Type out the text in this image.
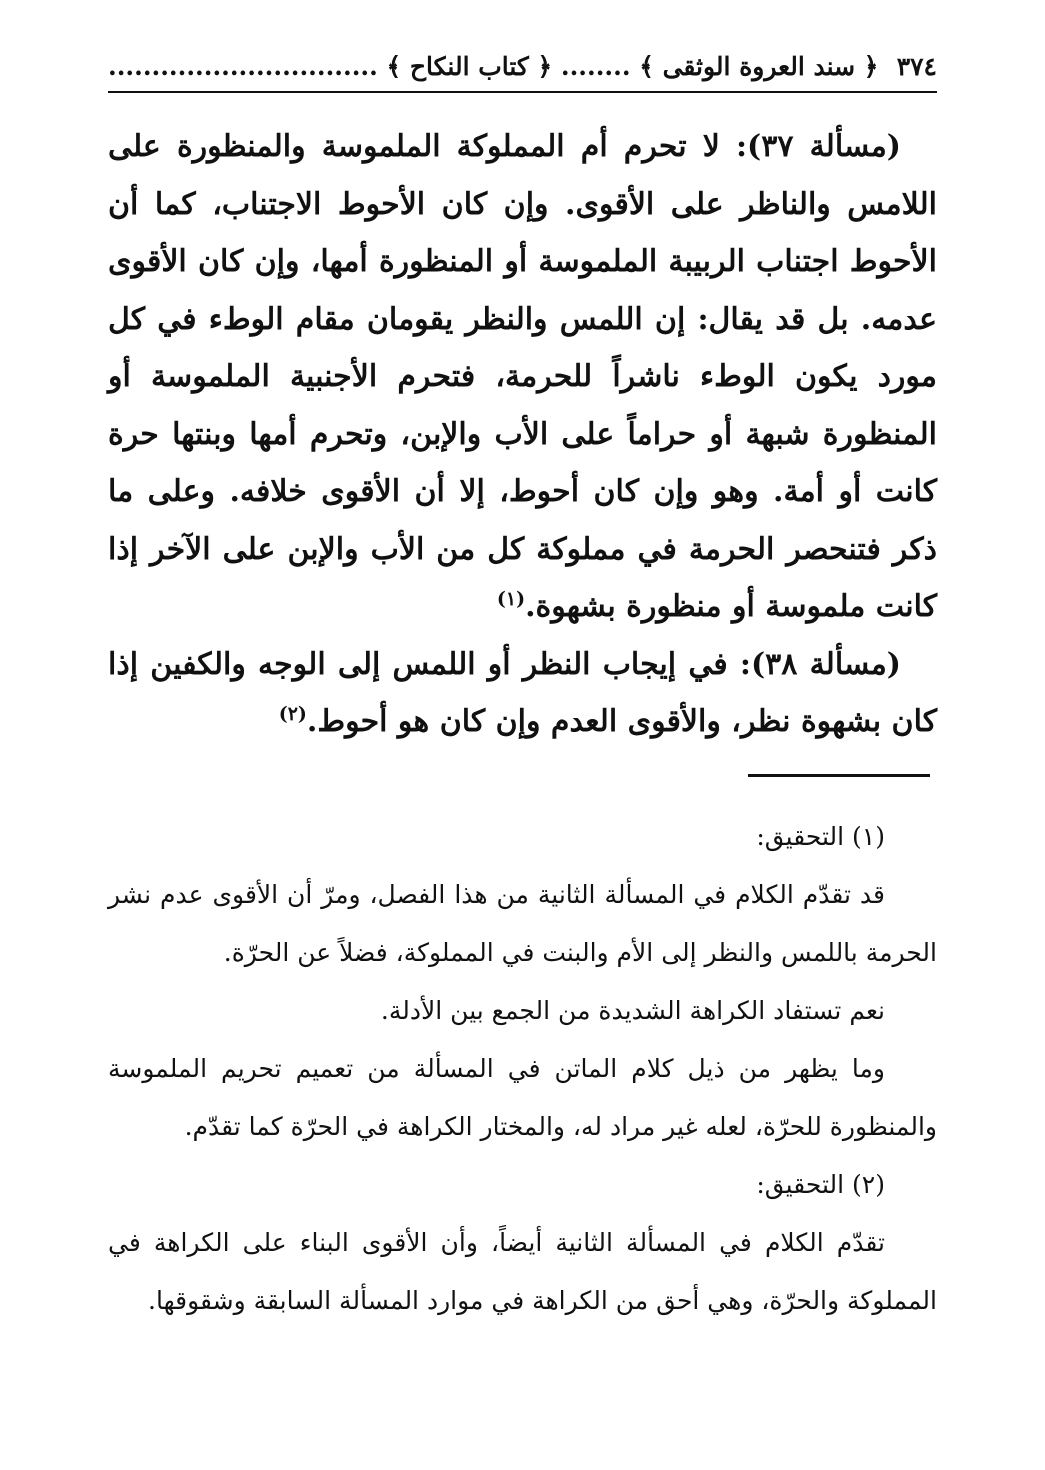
٣٧٤
﴿ سند العروة الوثقى ﴾ ........ ﴿ كتاب النكاح ﴾ ...............................

(مسألة ٣٧): لا تحرم أم المملوكة الملموسة والمنظورة على اللامس والناظر على الأقوى. وإن كان الأحوط الاجتناب، كما أن الأحوط اجتناب الربيبة الملموسة أو المنظورة أمها، وإن كان الأقوى عدمه. بل قد يقال: إن اللمس والنظر يقومان مقام الوطء في كل مورد يكون الوطء ناشراً للحرمة، فتحرم الأجنبية الملموسة أو المنظورة شبهة أو حراماً على الأب والإبن، وتحرم أمها وبنتها حرة كانت أو أمة. وهو وإن كان أحوط، إلا أن الأقوى خلافه. وعلى ما ذكر فتنحصر الحرمة في مملوكة كل من الأب والإبن على الآخر إذا كانت ملموسة أو منظورة بشهوة.$^{(١)}$

(مسألة ٣٨): في إيجاب النظر أو اللمس إلى الوجه والكفين إذا كان بشهوة نظر، والأقوى العدم وإن كان هو أحوط.$^{(٢)}$

(١) التحقيق:

قد تقدّم الكلام في المسألة الثانية من هذا الفصل، ومرّ أن الأقوى عدم نشر الحرمة باللمس والنظر إلى الأم والبنت في المملوكة، فضلاً عن الحرّة.

نعم تستفاد الكراهة الشديدة من الجمع بين الأدلة.

وما يظهر من ذيل كلام الماتن في المسألة من تعميم تحريم الملموسة والمنظورة للحرّة، لعله غير مراد له، والمختار الكراهة في الحرّة كما تقدّم.

(٢) التحقيق:

تقدّم الكلام في المسألة الثانية أيضاً، وأن الأقوى البناء على الكراهة في المملوكة والحرّة، وهي أحق من الكراهة في موارد المسألة السابقة وشقوقها.
